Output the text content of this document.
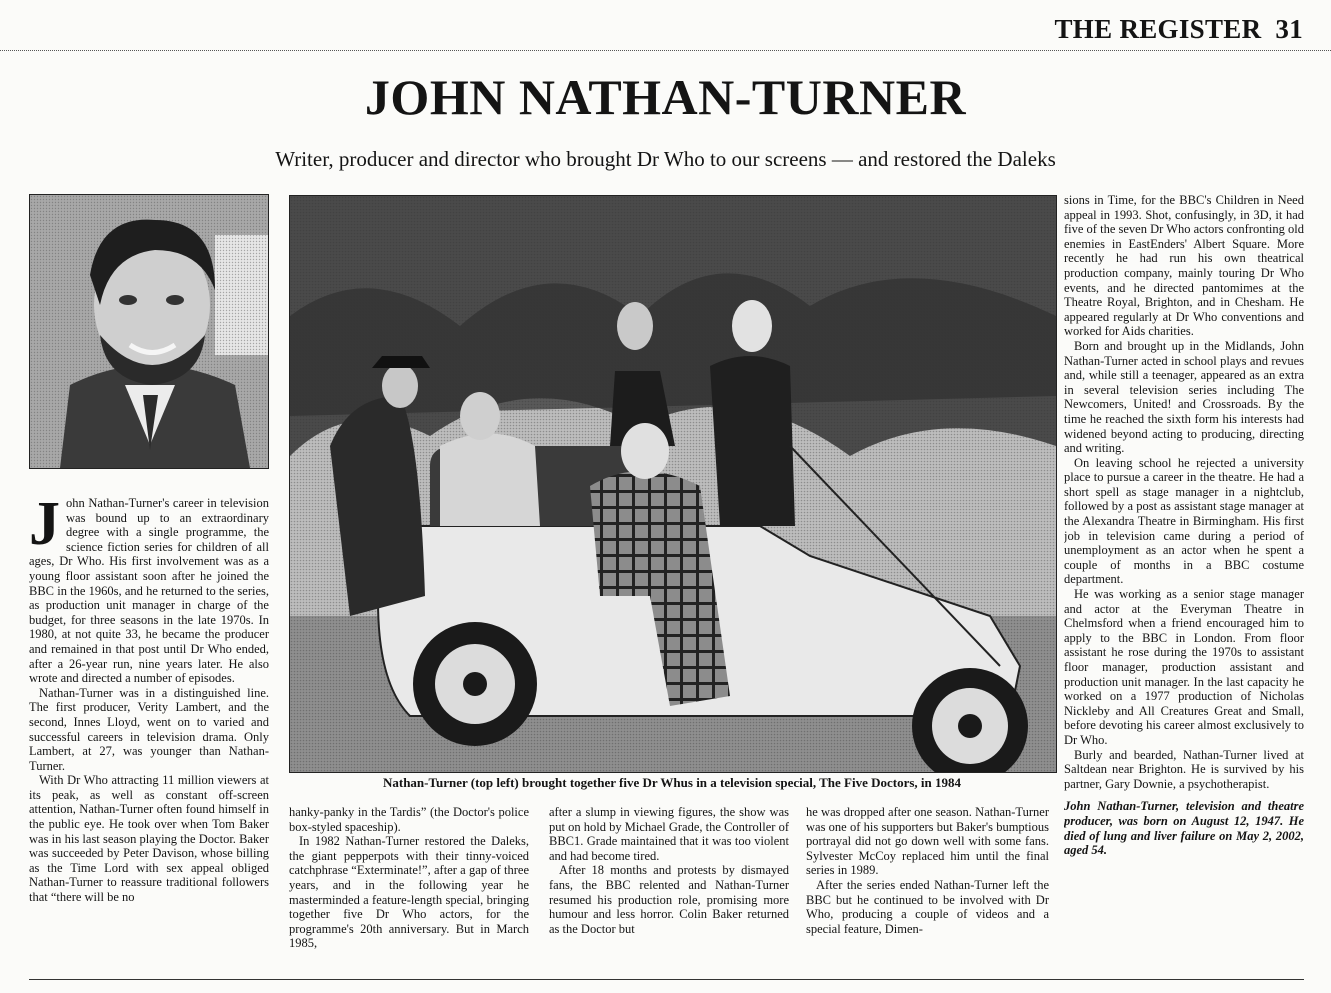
THE REGISTER 31
JOHN NATHAN-TURNER
Writer, producer and director who brought Dr Who to our screens — and restored the Daleks
Nathan-Turner (top left) brought together five Dr Whus in a television special, The Five Doctors, in 1984

John Nathan-Turner's career in television was bound up to an extraordinary degree with a single programme, the science fiction series for children of all ages, Dr Who. His first involvement was as a young floor assistant soon after he joined the BBC in the 1960s, and he returned to the series, as production unit manager in charge of the budget, for three seasons in the late 1970s. In 1980, at not quite 33, he became the producer and remained in that post until Dr Who ended, after a 26-year run, nine years later. He also wrote and directed a number of episodes.

Nathan-Turner was in a distinguished line. The first producer, Verity Lambert, and the second, Innes Lloyd, went on to varied and successful careers in television drama. Only Lambert, at 27, was younger than Nathan-Turner.

With Dr Who attracting 11 million viewers at its peak, as well as constant off-screen attention, Nathan-Turner often found himself in the public eye. He took over when Tom Baker was in his last season playing the Doctor. Baker was succeeded by Peter Davison, whose billing as the Time Lord with sex appeal obliged Nathan-Turner to reassure traditional followers that “there will be no

hanky-panky in the Tardis” (the Doctor's police box-styled spaceship).

In 1982 Nathan-Turner restored the Daleks, the giant pepperpots with their tinny-voiced catchphrase “Exterminate!”, after a gap of three years, and in the following year he masterminded a feature-length special, bringing together five Dr Who actors, for the programme's 20th anniversary. But in March 1985,

after a slump in viewing figures, the show was put on hold by Michael Grade, the Controller of BBC1. Grade maintained that it was too violent and had become tired.

After 18 months and protests by dismayed fans, the BBC relented and Nathan-Turner resumed his production role, promising more humour and less horror. Colin Baker returned as the Doctor but

he was dropped after one season. Nathan-Turner was one of his supporters but Baker's bumptious portrayal did not go down well with some fans. Sylvester McCoy replaced him until the final series in 1989.

After the series ended Nathan-Turner left the BBC but he continued to be involved with Dr Who, producing a couple of videos and a special feature, Dimen-

sions in Time, for the BBC's Children in Need appeal in 1993. Shot, confusingly, in 3D, it had five of the seven Dr Who actors confronting old enemies in EastEnders' Albert Square. More recently he had run his own theatrical production company, mainly touring Dr Who events, and he directed pantomimes at the Theatre Royal, Brighton, and in Chesham. He appeared regularly at Dr Who conventions and worked for Aids charities.

Born and brought up in the Midlands, John Nathan-Turner acted in school plays and revues and, while still a teenager, appeared as an extra in several television series including The Newcomers, United! and Crossroads. By the time he reached the sixth form his interests had widened beyond acting to producing, directing and writing.

On leaving school he rejected a university place to pursue a career in the theatre. He had a short spell as stage manager in a nightclub, followed by a post as assistant stage manager at the Alexandra Theatre in Birmingham. His first job in television came during a period of unemployment as an actor when he spent a couple of months in a BBC costume department.

He was working as a senior stage manager and actor at the Everyman Theatre in Chelmsford when a friend encouraged him to apply to the BBC in London. From floor assistant he rose during the 1970s to assistant floor manager, production assistant and production unit manager. In the last capacity he worked on a 1977 production of Nicholas Nickleby and All Creatures Great and Small, before devoting his career almost exclusively to Dr Who.

Burly and bearded, Nathan-Turner lived at Saltdean near Brighton. He is survived by his partner, Gary Downie, a psychotherapist.

John Nathan-Turner, television and theatre producer, was born on August 12, 1947. He died of lung and liver failure on May 2, 2002, aged 54.
